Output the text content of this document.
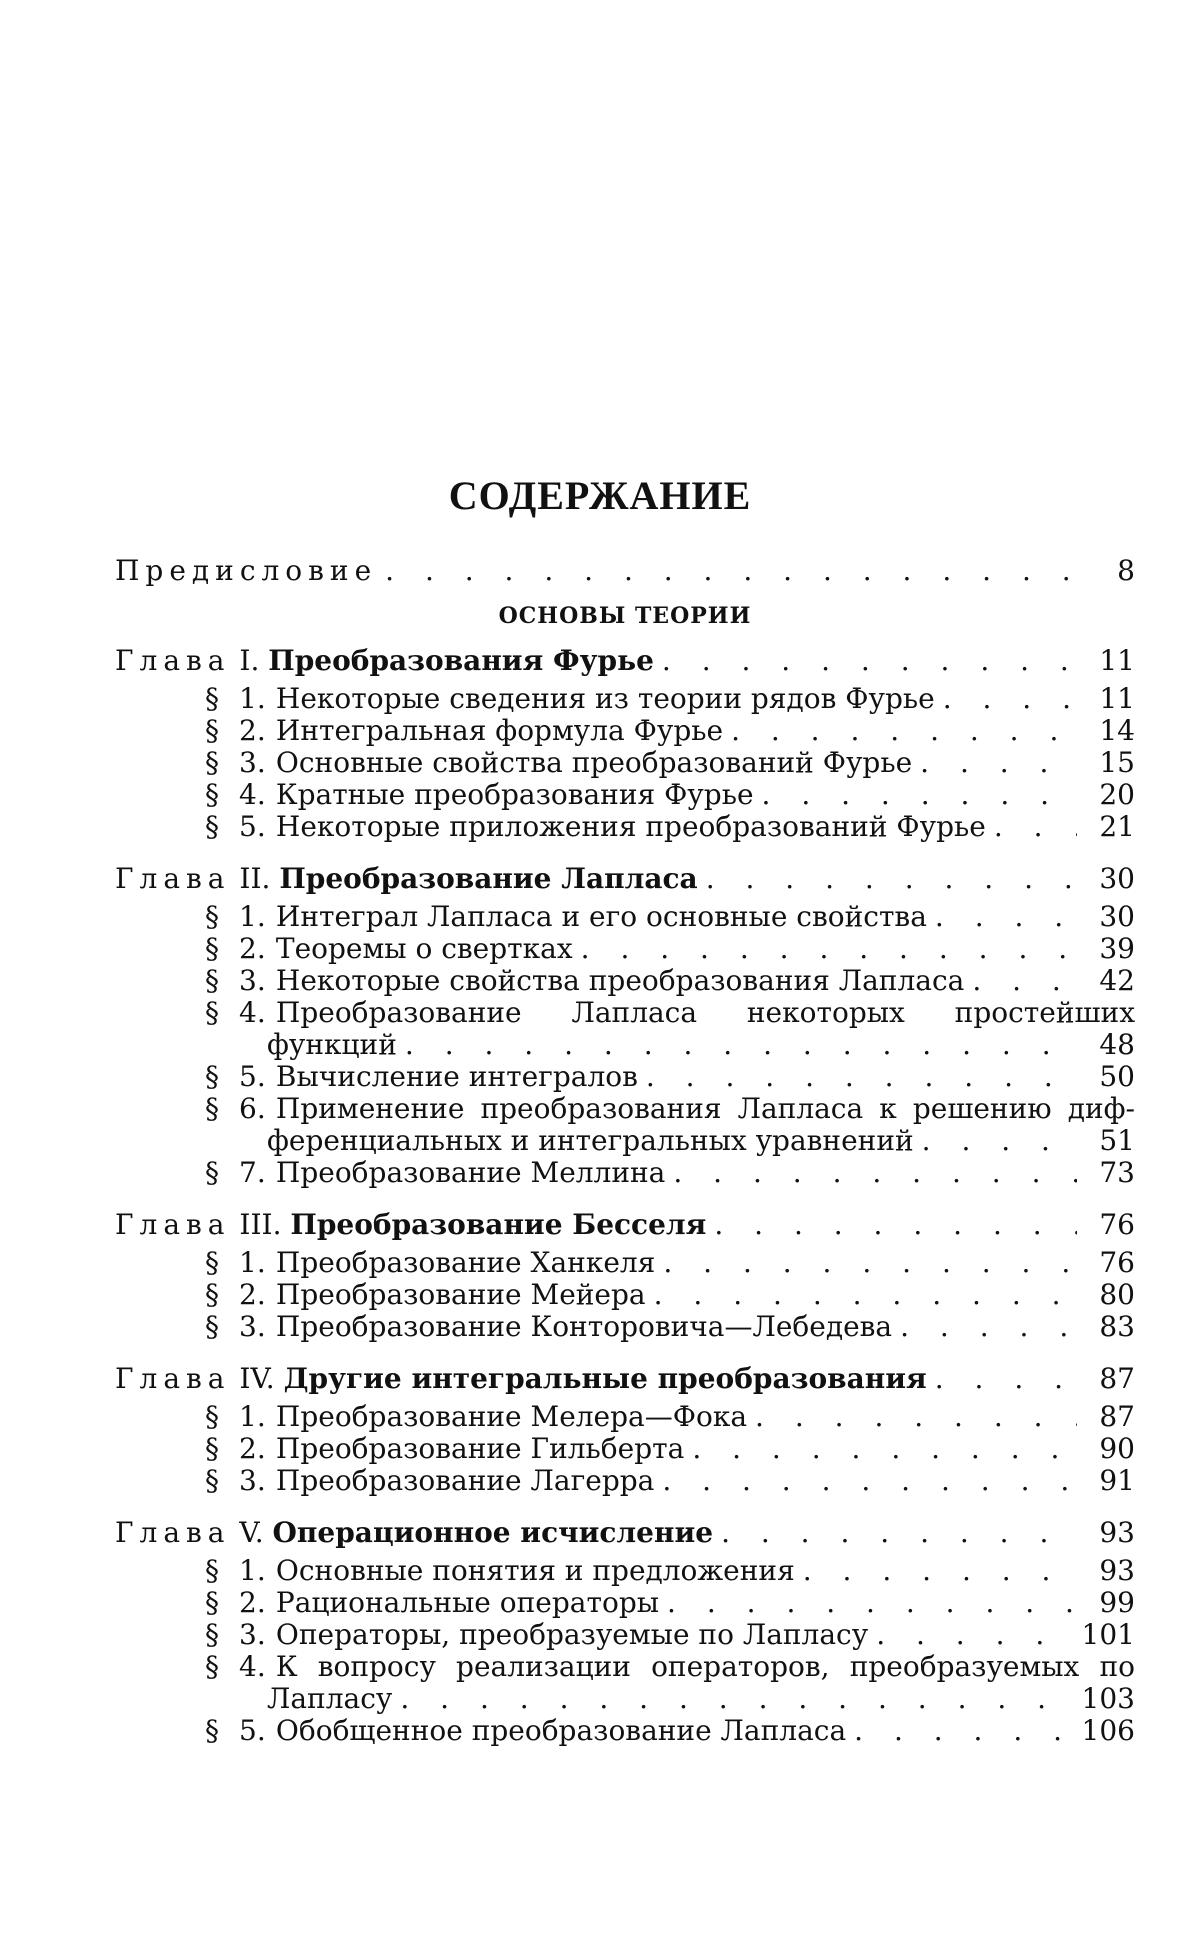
СОДЕРЖАНИЕ
Предисловие
. . .	8
ОСНОВЫ ТЕОРИИ
Глава I. Преобразования Фурье
. . .	11
§ 1. Некоторые сведения из теории рядов Фурье
. . .	11
§ 2. Интегральная формула Фурье
. . .	14
§ 3. Основные свойства преобразований Фурье
. . .	15
§ 4. Кратные преобразования Фурье
. . .	20
§ 5. Некоторые приложения преобразований Фурье
. . .	21
Глава II. Преобразование Лапласа
. . .	30
§ 1. Интеграл Лапласа и его основные свойства
. . .	30
§ 2. Теоремы о свертках
. . .	39
§ 3. Некоторые свойства преобразования Лапласа
. . .	42
§ 4.
Преобразование Лапласа некоторых простейших
функций
. . .	48
§ 5. Вычисление интегралов
. . .	50
§ 6.
Применение преобразования Лапласа к решению диф-
ференциальных и интегральных уравнений
. . .	51
§ 7. Преобразование Меллина
. . .	73
Глава III. Преобразование Бесселя
. . .	76
§ 1. Преобразование Ханкеля
. . .	76
§ 2. Преобразование Мейера
. . .	80
§ 3. Преобразование Конторовича—Лебедева
. . .	83
Глава IV. Другие интегральные преобразования
. . .	87
§ 1. Преобразование Мелера—Фока
. . .	87
§ 2. Преобразование Гильберта
. . .	90
§ 3. Преобразование Лагерра
. . .	91
Глава V. Операционное исчисление
. . .	93
§ 1. Основные понятия и предложения
. . .	93
§ 2. Рациональные операторы
. . .	99
§ 3. Операторы, преобразуемые по Лапласу
. . .	101
§ 4.
К вопросу реализации операторов, преобразуемых по
Лапласу
. . .	103
§ 5. Обобщенное преобразование Лапласа
. . .	106
